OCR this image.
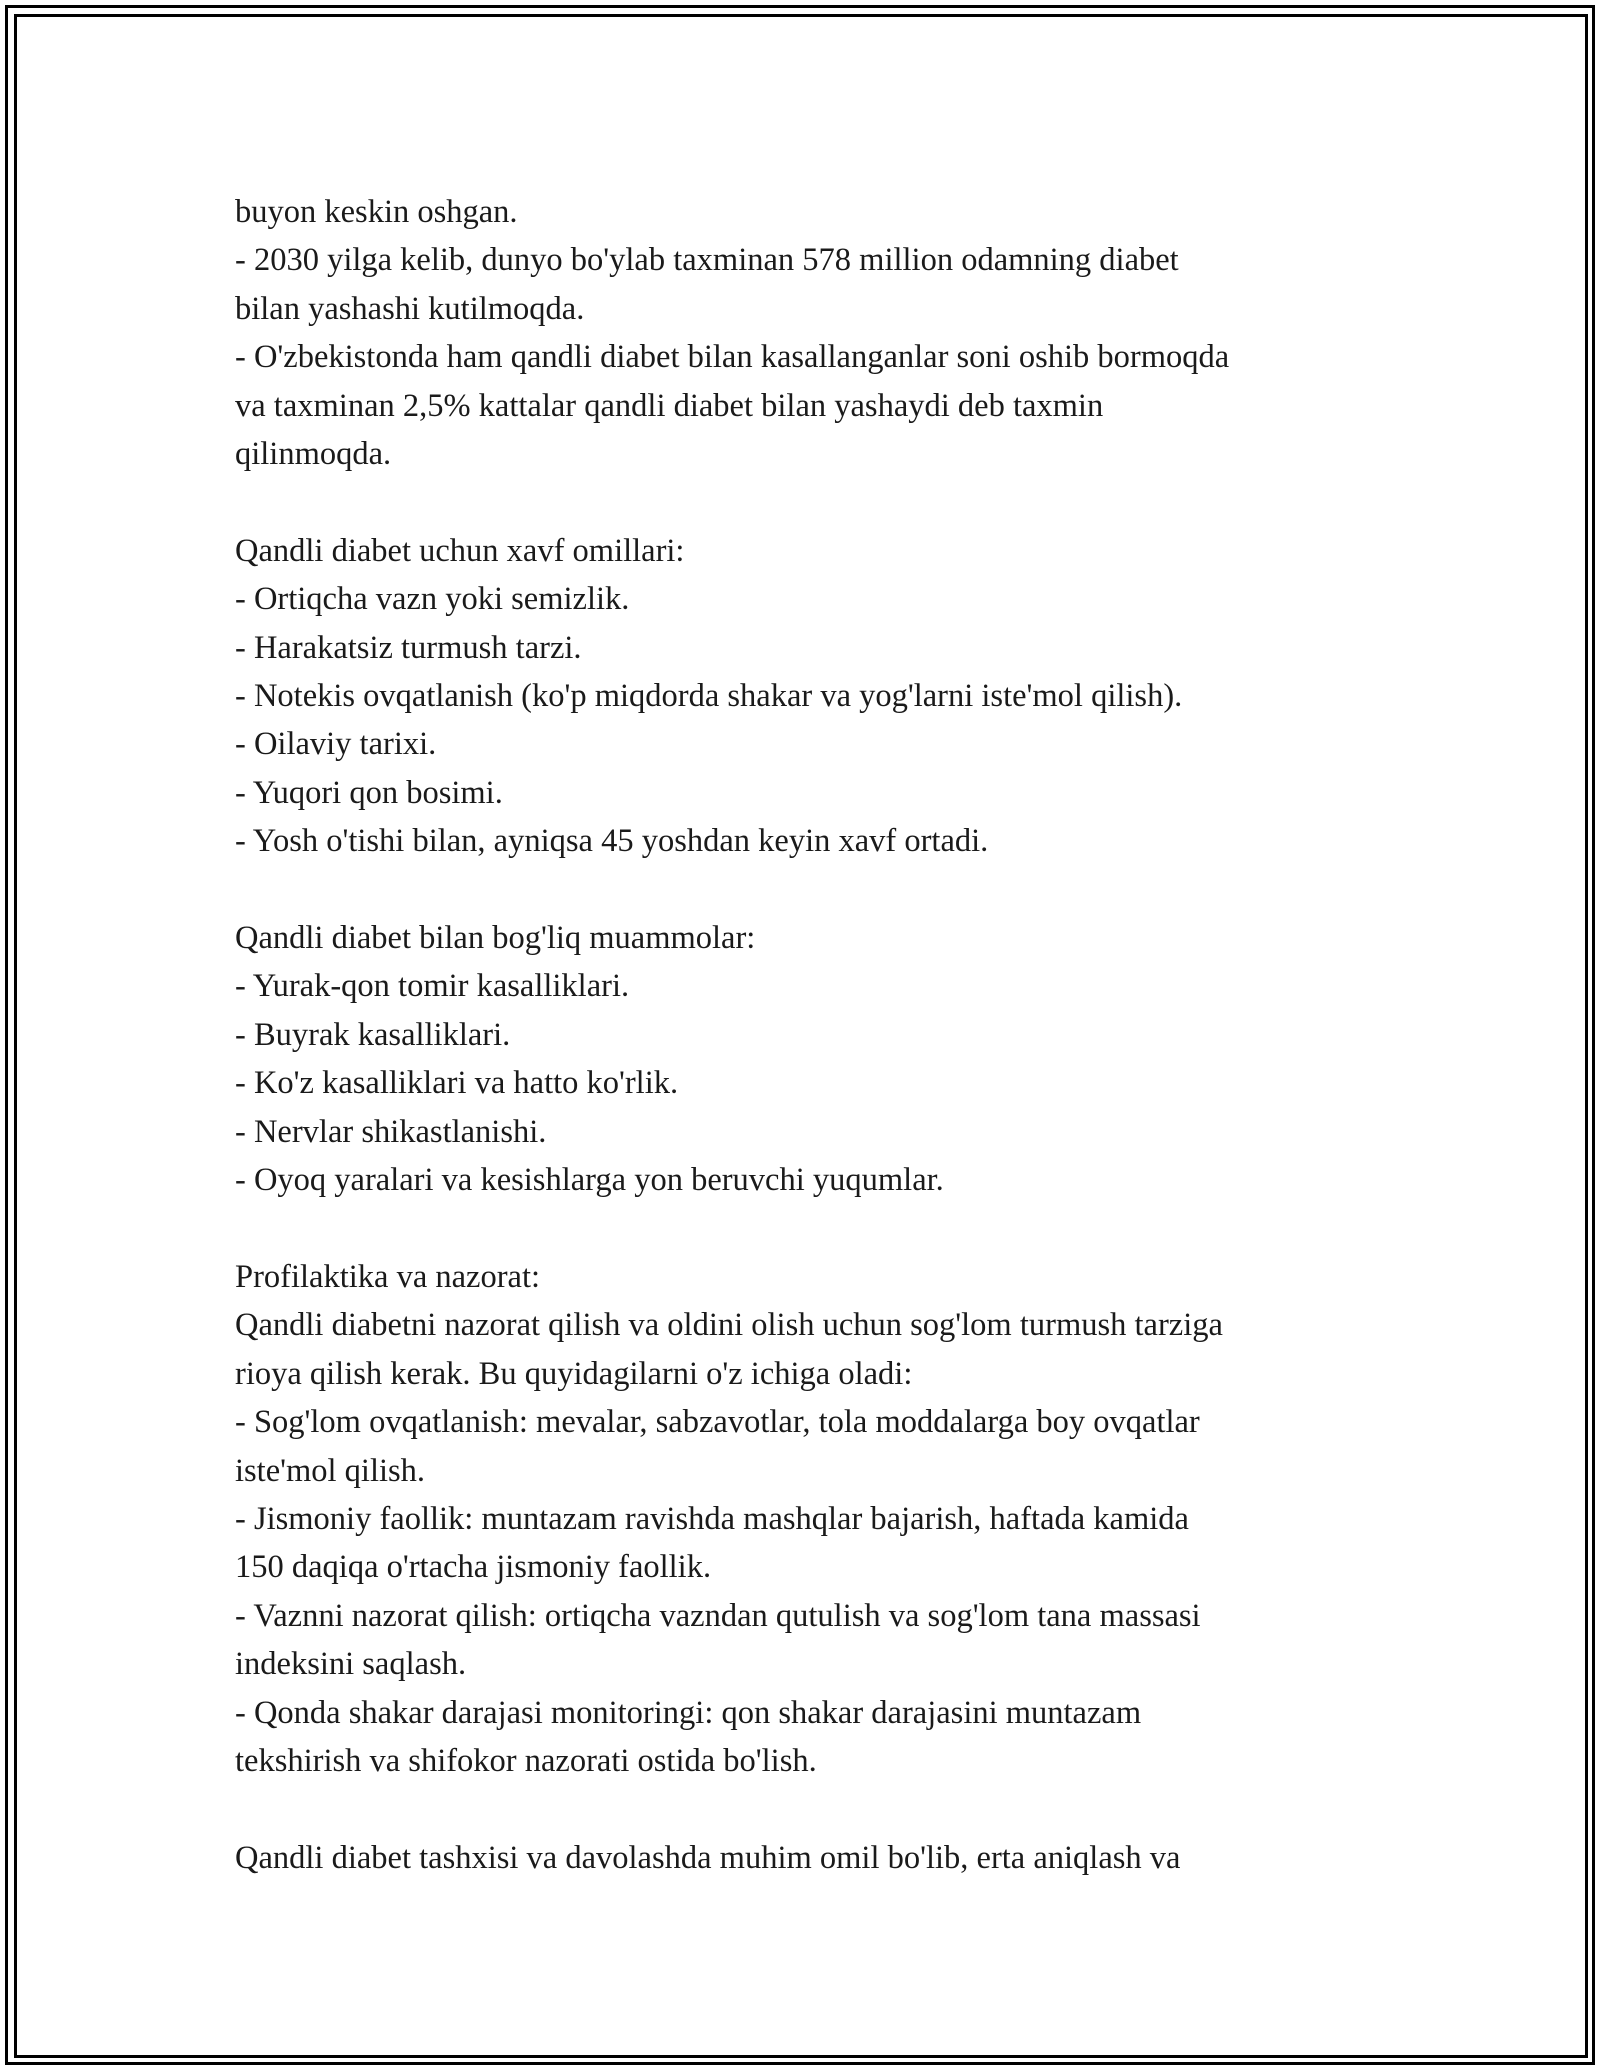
buyon keskin oshgan.
- 2030 yilga kelib, dunyo bo'ylab taxminan 578 million odamning diabet
bilan yashashi kutilmoqda.
- O'zbekistonda ham qandli diabet bilan kasallanganlar soni oshib bormoqda
va taxminan 2,5% kattalar qandli diabet bilan yashaydi deb taxmin
qilinmoqda.
Qandli diabet uchun xavf omillari:
- Ortiqcha vazn yoki semizlik.
- Harakatsiz turmush tarzi.
- Notekis ovqatlanish (ko'p miqdorda shakar va yog'larni iste'mol qilish).
- Oilaviy tarixi.
- Yuqori qon bosimi.
- Yosh o'tishi bilan, ayniqsa 45 yoshdan keyin xavf ortadi.
Qandli diabet bilan bog'liq muammolar:
- Yurak-qon tomir kasalliklari.
- Buyrak kasalliklari.
- Ko'z kasalliklari va hatto ko'rlik.
- Nervlar shikastlanishi.
- Oyoq yaralari va kesishlarga yon beruvchi yuqumlar.
Profilaktika va nazorat:
Qandli diabetni nazorat qilish va oldini olish uchun sog'lom turmush tarziga
rioya qilish kerak. Bu quyidagilarni o'z ichiga oladi:
- Sog'lom ovqatlanish: mevalar, sabzavotlar, tola moddalarga boy ovqatlar
iste'mol qilish.
- Jismoniy faollik: muntazam ravishda mashqlar bajarish, haftada kamida
150 daqiqa o'rtacha jismoniy faollik.
- Vaznni nazorat qilish: ortiqcha vazndan qutulish va sog'lom tana massasi
indeksini saqlash.
- Qonda shakar darajasi monitoringi: qon shakar darajasini muntazam
tekshirish va shifokor nazorati ostida bo'lish.
Qandli diabet tashxisi va davolashda muhim omil bo'lib, erta aniqlash va
